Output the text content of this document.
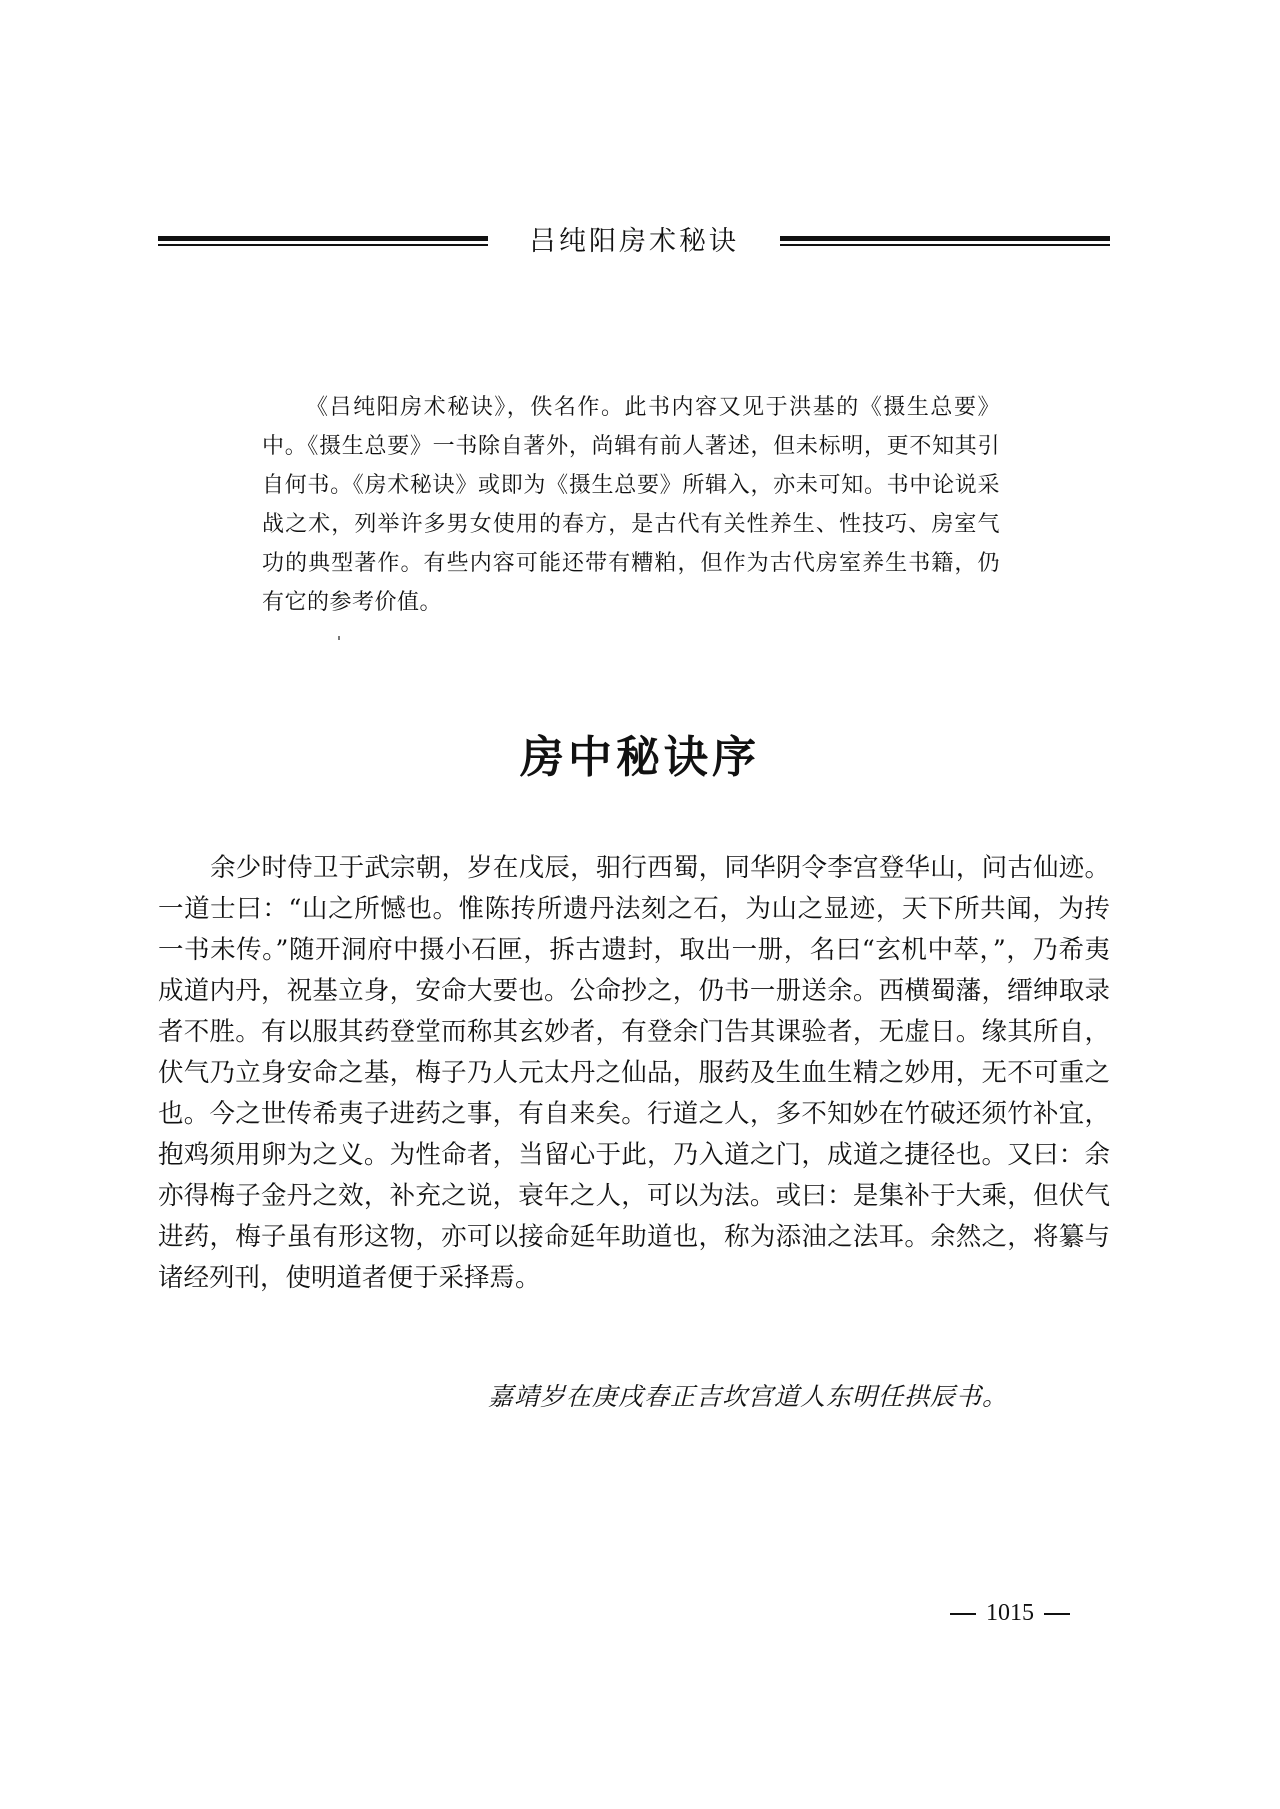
吕纯阳房术秘诀

《吕纯阳房术秘诀》，佚名作。此书内容又见于洪基的《摄生总要》中。《摄生总要》一书除自著外，尚辑有前人著述，但未标明，更不知其引自何书。《房术秘诀》或即为《摄生总要》所辑入，亦未可知。书中论说采战之术，列举许多男女使用的春方，是古代有关性养生、性技巧、房室气功的典型著作。有些内容可能还带有糟粕，但作为古代房室养生书籍，仍有它的参考价值。

房中秘诀序

余少时侍卫于武宗朝，岁在戊辰，驲行西蜀，同华阴令李宫登华山，问古仙迹。一道士曰：“山之所憾也。惟陈抟所遗丹法刻之石，为山之显迹，天下所共闻，为抟一书未传。”随开洞府中摄小石匣，拆古遗封，取出一册，名曰“玄机中萃，”，乃希夷成道内丹，祝基立身，安命大要也。公命抄之，仍书一册送余。西横蜀藩，缙绅取录者不胜。有以服其药登堂而称其玄妙者，有登余门告其课验者，无虚日。缘其所自，伏气乃立身安命之基，梅子乃人元太丹之仙品，服药及生血生精之妙用，无不可重之也。今之世传希夷子进药之事，有自来矣。行道之人，多不知妙在竹破还须竹补宜，抱鸡须用卵为之义。为性命者，当留心于此，乃入道之门，成道之捷径也。又曰：余亦得梅子金丹之效，补充之说，衰年之人，可以为法。或曰：是集补于大乘，但伏气进药，梅子虽有形这物，亦可以接命延年助道也，称为添油之法耳。余然之，将纂与诸经列刊，使明道者便于采择焉。

嘉靖岁在庚戌春正吉坎宫道人东明任拱辰书。

1015
